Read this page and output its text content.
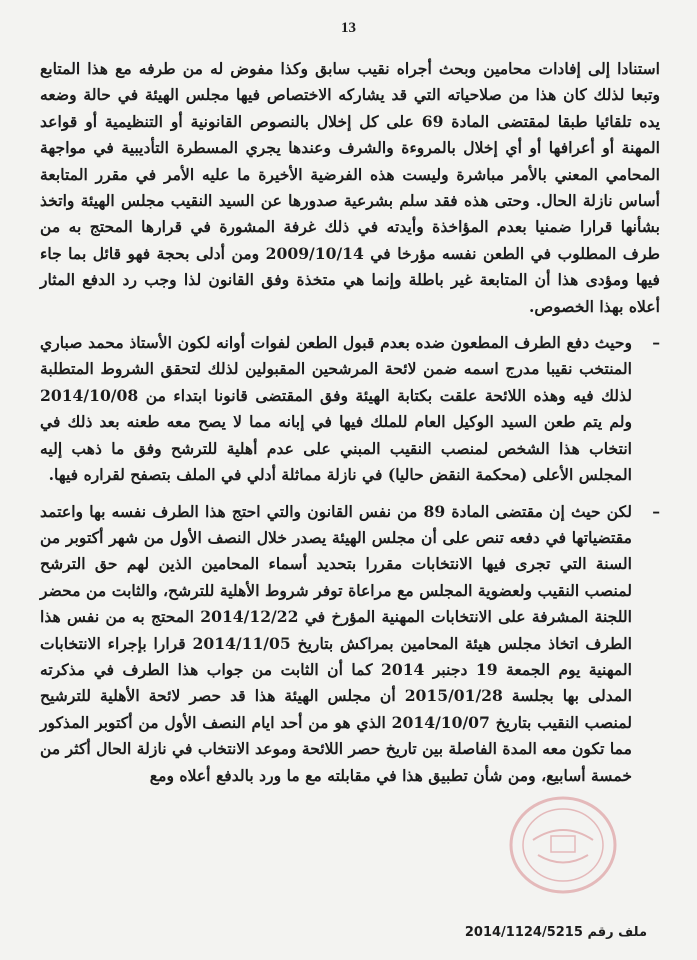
13

استنادا إلى إفادات محامين وبحث أجراه نقيب سابق وكذا مفوض له من طرفه مع هذا المتابع وتبعا لذلك كان هذا من صلاحياته التي قد يشاركه الاختصاص فيها مجلس الهيئة في حالة وضعه يده تلقائيا طبقا لمقتضى المادة 69 على كل إخلال بالنصوص القانونية أو التنظيمية أو قواعد المهنة أو أعرافها أو أي إخلال بالمروءة والشرف وعندها يجري المسطرة التأديبية في مواجهة المحامي المعني بالأمر مباشرة وليست هذه الفرضية الأخيرة ما عليه الأمر في مقرر المتابعة أساس نازلة الحال. وحتى هذه فقد سلم بشرعية صدورها عن السيد النقيب مجلس الهيئة واتخذ بشأنها قرارا ضمنيا بعدم المؤاخذة وأيدته في ذلك غرفة المشورة في قرارها المحتج به من طرف المطلوب في الطعن نفسه مؤرخا في 2009/10/14 ومن أدلى بحجة فهو قائل بما جاء فيها ومؤدى هذا أن المتابعة غير باطلة وإنما هي متخذة وفق القانون لذا وجب رد الدفع المثار أعلاه بهذا الخصوص.

–
وحيث دفع الطرف المطعون ضده بعدم قبول الطعن لفوات أوانه لكون الأستاذ محمد صباري المنتخب نقيبا مدرج اسمه ضمن لائحة المرشحين المقبولين لذلك لتحقق الشروط المتطلبة لذلك فيه وهذه اللائحة علقت بكتابة الهيئة وفق المقتضى قانونا ابتداء من 2014/10/08 ولم يتم طعن السيد الوكيل العام للملك فيها في إبانه مما لا يصح معه طعنه بعد ذلك في انتخاب هذا الشخص لمنصب النقيب المبني على عدم أهلية للترشح وفق ما ذهب إليه المجلس الأعلى (محكمة النقض حاليا) في نازلة مماثلة أدلي في الملف بتصفح لقراره فيها.
–
لكن حيث إن مقتضى المادة 89 من نفس القانون والتي احتج هذا الطرف نفسه بها واعتمد مقتضياتها في دفعه تنص على أن مجلس الهيئة يصدر خلال النصف الأول من شهر أكتوبر من السنة التي تجرى فيها الانتخابات مقررا بتحديد أسماء المحامين الذين لهم حق الترشح لمنصب النقيب ولعضوية المجلس مع مراعاة توفر شروط الأهلية للترشح، والثابت من محضر اللجنة المشرفة على الانتخابات المهنية المؤرخ في 2014/12/22 المحتج به من نفس هذا الطرف اتخاذ مجلس هيئة المحامين بمراكش بتاريخ 2014/11/05 قرارا بإجراء الانتخابات المهنية يوم الجمعة 19 دجنبر 2014 كما أن الثابت من جواب هذا الطرف في مذكرته المدلى بها بجلسة 2015/01/28 أن مجلس الهيئة هذا قد حصر لائحة الأهلية للترشيح لمنصب النقيب بتاريخ 2014/10/07 الذي هو من أحد ايام النصف الأول من أكتوبر المذكور مما تكون معه المدة الفاصلة بين تاريخ حصر اللائحة وموعد الانتخاب في نازلة الحال أكثر من خمسة أسابيع، ومن شأن تطبيق هذا في مقابلته مع ما ورد بالدفع أعلاه ومع
ملف رقم 2014/1124/5215
